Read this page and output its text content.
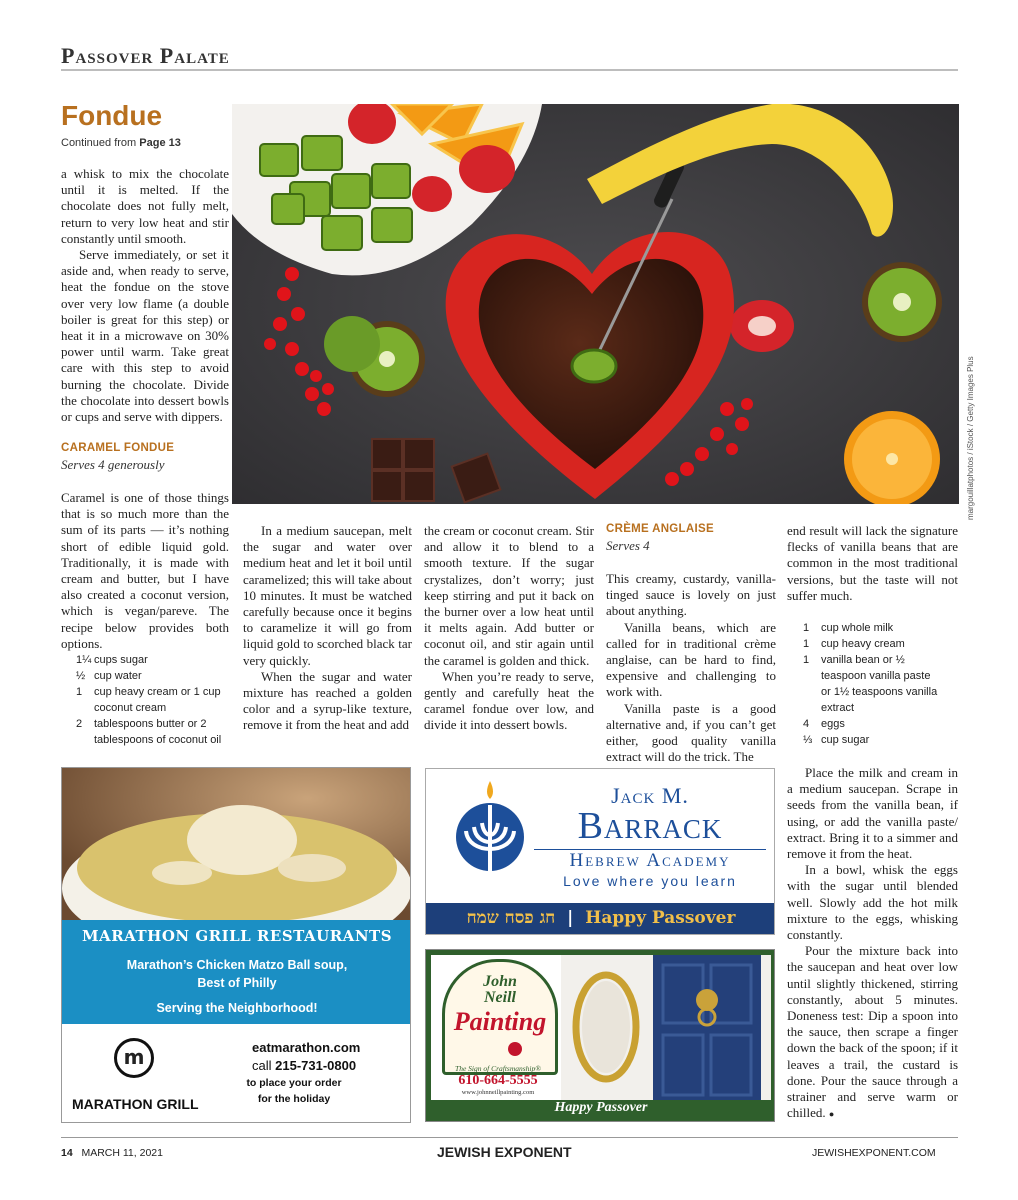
Passover Palate
Fondue
Continued from Page 13

a whisk to mix the chocolate until it is melted. If the chocolate does not fully melt, return to very low heat and stir constantly until smooth.

Serve immediately, or set it aside and, when ready to serve, heat the fondue on the stove over very low flame (a double boiler is great for this step) or heat it in a microwave on 30% power until warm. Take great care with this step to avoid burning the chocolate. Divide the chocolate into dessert bowls or cups and serve with dippers.

CARAMEL FONDUE
Serves 4 generously

Caramel is one of those things that is so much more than the sum of its parts — it’s nothing short of edible liquid gold. Traditionally, it is made with cream and butter, but I have also created a coconut version, which is vegan/pareve. The recipe below provides both options.

1¼ cups sugar
½ cup water
1	cup heavy cream or 1 cup
coconut cream
2	tablespoons butter or 2
tablespoons of coconut oil
margouillatphotos / iStock / Getty Images Plus

In a medium saucepan, melt the sugar and water over medium heat and let it boil until caramelized; this will take about 10 minutes. It must be watched carefully because once it begins to caramelize it will go from liquid gold to scorched black tar very quickly.

When the sugar and water mixture has reached a golden color and a syrup-like texture, remove it from the heat and add

the cream or coconut cream. Stir and allow it to blend to a smooth texture. If the sugar crystalizes, don’t worry; just keep stirring and put it back on the burner over a low heat until it melts again. Add butter or coconut oil, and stir again until the caramel is golden and thick.

When you’re ready to serve, gently and carefully heat the caramel fondue over low, and divide it into dessert bowls.

CRÈME ANGLAISE
Serves 4

This creamy, custardy, vanilla-tinged sauce is lovely on just about anything.

Vanilla beans, which are called for in traditional crème anglaise, can be hard to find, expensive and challenging to work with.

Vanilla paste is a good alternative and, if you can’t get either, good quality vanilla extract will do the trick. The

end result will lack the signature flecks of vanilla beans that are common in the most traditional versions, but the taste will not suffer much.

1	cup whole milk
1	cup heavy cream
1	vanilla bean or ½
teaspoon vanilla paste
or 1½ teaspoons vanilla
extract
4	eggs
⅓ cup sugar

Place the milk and cream in a medium saucepan. Scrape in seeds from the vanilla bean, if using, or add the vanilla paste/ extract. Bring it to a simmer and remove it from the heat.

In a bowl, whisk the eggs with the sugar until blended well. Slowly add the hot milk mixture to the eggs, whisking constantly.

Pour the mixture back into the saucepan and heat over low until slightly thickened, stirring constantly, about 5 minutes. Doneness test: Dip a spoon into the sauce, then scrape a finger down the back of the spoon; if it leaves a trail, the custard is done. Pour the sauce through a strainer and serve warm or chilled. ●

MARATHON GRILL RESTAURANTS
Marathon’s Chicken Matzo Ball soup,
Best of Philly
Serving the Neighborhood!
m
MARATHON GRILL
eatmarathon.com
call 215-731-0800
to place your order
for the holiday
Jack M.
Barrack
Hebrew Academy
Love where you learn
חג פסח שמח | Happy Passover
John
Neill
Painting
The Sign of Craftsmanship®
610-664-5555
www.johnneillpainting.com
Happy Passover
14 MARCH 11, 2021	JEWISH EXPONENT	JEWISHEXPONENT.COM
